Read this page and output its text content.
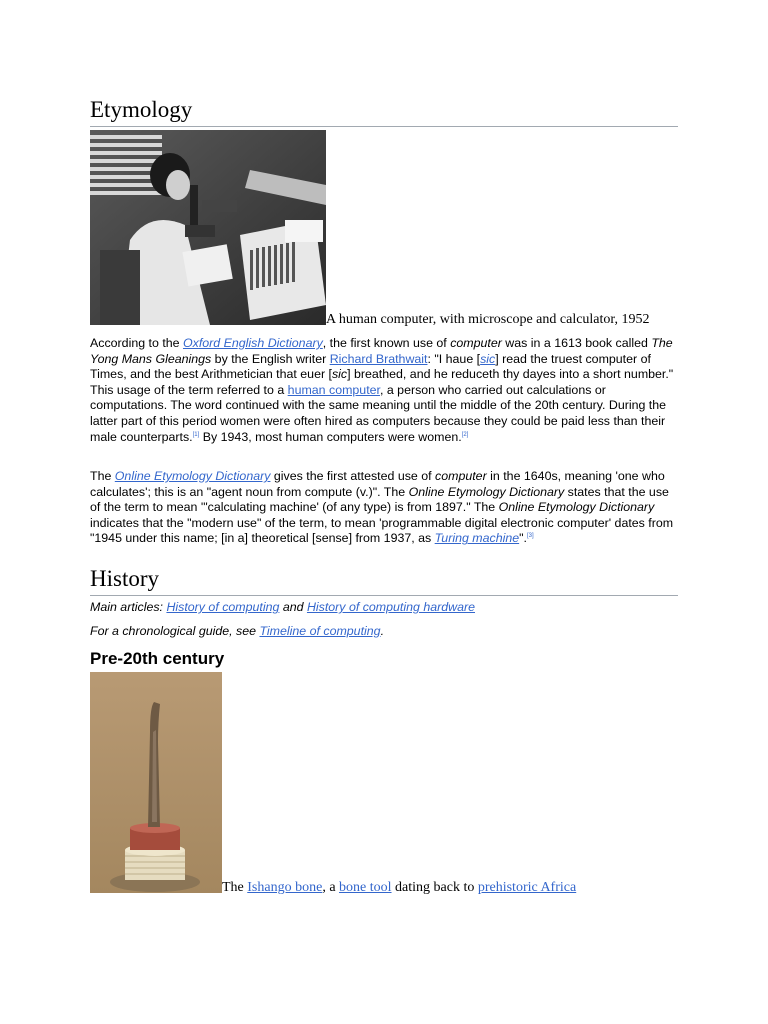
Etymology
A human computer, with microscope and calculator, 1952

According to the Oxford English Dictionary, the first known use of computer was in a 1613 book called The Yong Mans Gleanings by the English writer Richard Brathwait: "I haue [sic] read the truest computer of Times, and the best Arithmetician that euer [sic] breathed, and he reduceth thy dayes into a short number." This usage of the term referred to a human computer, a person who carried out calculations or computations. The word continued with the same meaning until the middle of the 20th century. During the latter part of this period women were often hired as computers because they could be paid less than their male counterparts.[1] By 1943, most human computers were women.[2]

The Online Etymology Dictionary gives the first attested use of computer in the 1640s, meaning 'one who calculates'; this is an "agent noun from compute (v.)". The Online Etymology Dictionary states that the use of the term to mean '"calculating machine' (of any type) is from 1897." The Online Etymology Dictionary indicates that the "modern use" of the term, to mean 'programmable digital electronic computer' dates from "1945 under this name; [in a] theoretical [sense] from 1937, as Turing machine".[3]

History
Main articles: History of computing and History of computing hardware
For a chronological guide, see Timeline of computing.
Pre-20th century
The Ishango bone, a bone tool dating back to prehistoric Africa
